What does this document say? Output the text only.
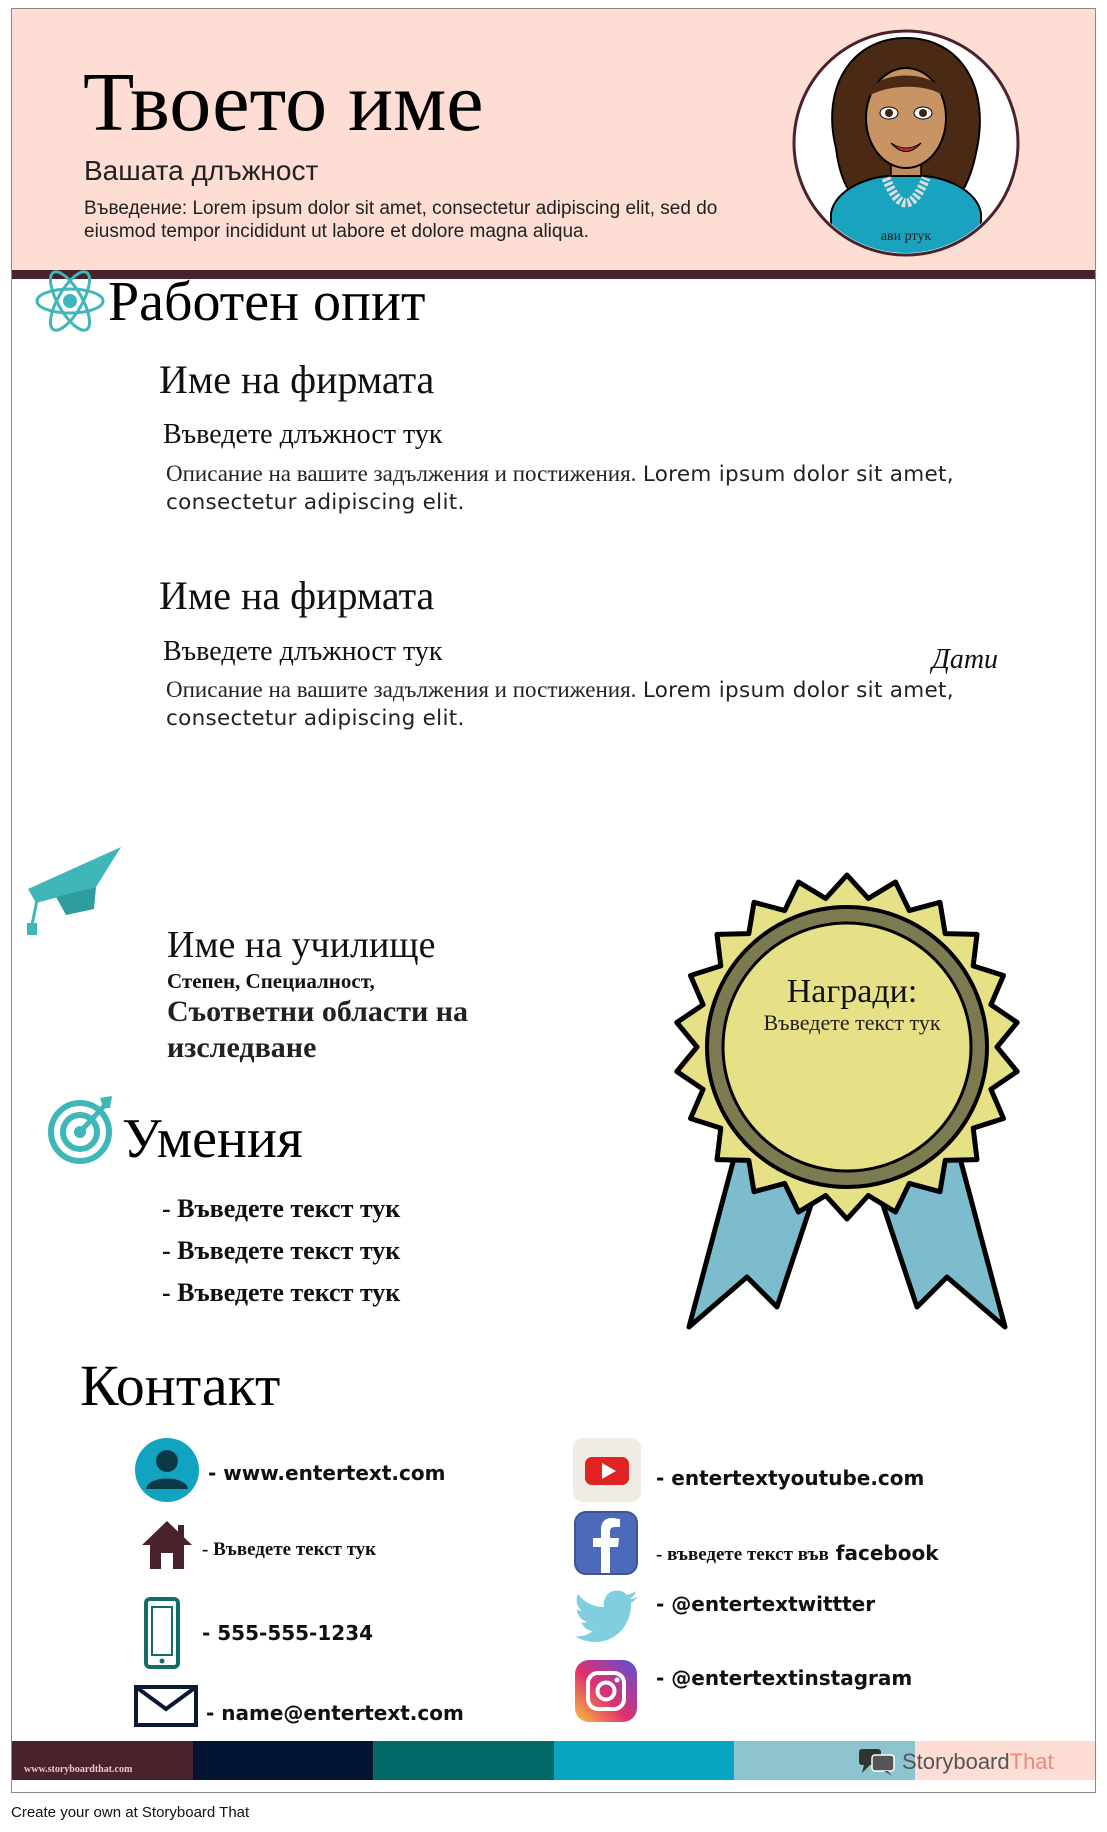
Твоето име
Вашата длъжност
Въведение: Lorem ipsum dolor sit amet, consectetur adipiscing elit, sed do eiusmod tempor incididunt ut labore et dolore magna aliqua.	ави ртук
Работен опит
Име на фирмата
Въведете длъжност тук
Описание на вашите задължения и постижения. Lorem ipsum dolor sit amet, consectetur adipiscing elit.
Име на фирмата
Дати
Въведете длъжност тук
Описание на вашите задължения и постижения. Lorem ipsum dolor sit amet, consectetur adipiscing elit.
Име на училище
Степен, Специалност,
Съответни области на изследване
Умения
- Въведете текст тук
- Въведете текст тук
- Въведете текст тук
Награди:
Въведете текст тук
Контакт
- www.entertext.com
- Въведете текст тук
- 555-555-1234
- name@entertext.com
- entertextyoutube.com
- въведете текст във facebook
- @entertextwittter
- @entertextinstagram
www.storyboardthat.com	StoryboardThat
Create your own at Storyboard That
